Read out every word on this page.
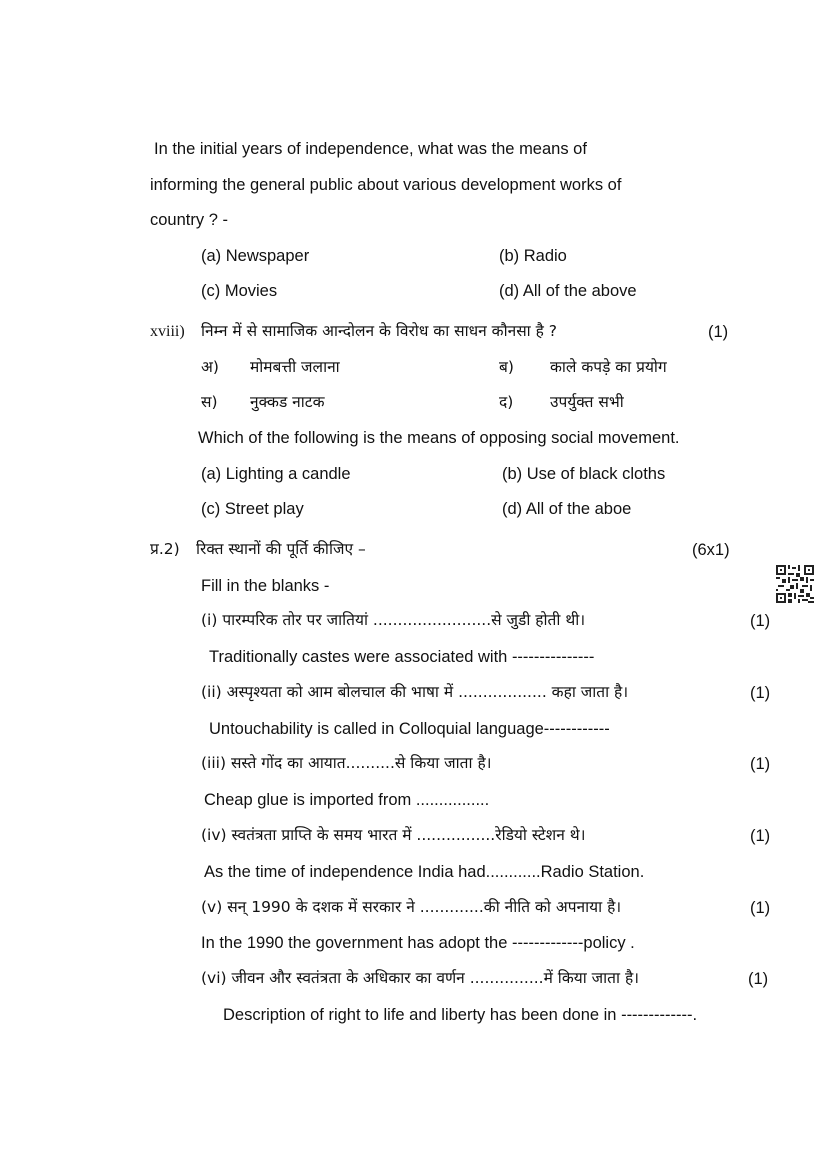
In the initial years of independence, what was the means of
informing the general public about various development works of
country ? -
(a) Newspaper	(b) Radio
(c) Movies	(d) All of the above
xviii) निम्न में से सामाजिक आन्दोलन के विरोध का साधन कौनसा है ?	(1)
अ) मोमबत्ती जलाना	ब) काले कपड़े का प्रयोग
स) नुक्कड नाटक	द) उपर्युक्त सभी
Which of the following is the means of opposing social movement.
(a) Lighting a candle	(b) Use of black cloths
(c) Street play	(d) All of the aboe
प्र.2) रिक्त स्थानों की पूर्ति कीजिए –	(6x1)
Fill in the blanks -
(i) पारम्परिक तोर पर जातियां ........................से जुडी होती थी।	(1)
Traditionally castes were associated with ---------------
(ii) अस्पृश्यता को आम बोलचाल की भाषा में .................. कहा जाता है।	(1)
Untouchability is called in Colloquial language------------
(iii) सस्ते गोंद का आयात..........से किया जाता है।	(1)
Cheap glue is imported from ................
(iv) स्वतंत्रता प्राप्ति के समय भारत में ................रेडियो स्टेशन थे।	(1)
As the time of independence India had............Radio Station.
(v) सन् 1990 के दशक में सरकार ने .............की नीति को अपनाया है।	(1)
In the 1990 the government has adopt the -------------policy .
(vi) जीवन और स्वतंत्रता के अधिकार का वर्णन ...............में किया जाता है।	(1)
Description of right to life and liberty has been done in -------------.
